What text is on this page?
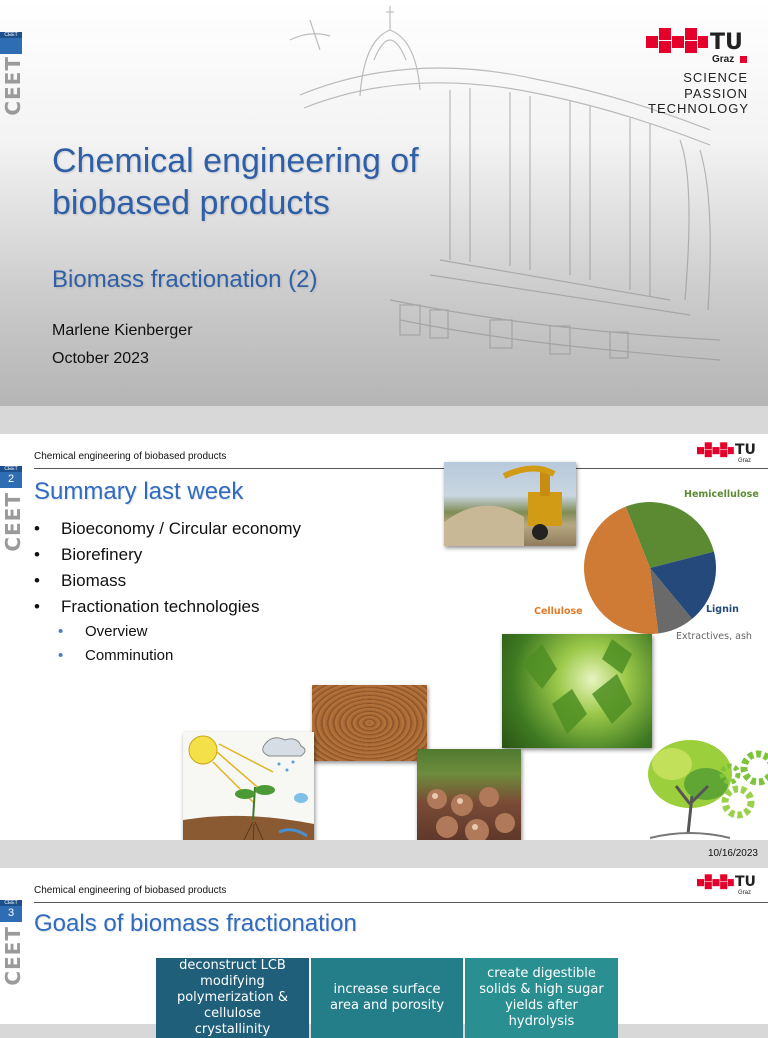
CEET
CEET
TU
Graz
SCIENCE
PASSION
TECHNOLOGY
Chemical engineering of biobased products
Biomass fractionation (2)
Marlene Kienberger
October 2023
Chemical engineering of biobased products	TU
Graz
CEET
2
CEET
Summary last week
• Bioeconomy / Circular economy
• Biorefinery
• Biomass
• Fractionation technologies
• Overview
• Comminution
Hemicellulose
Lignin
Extractives, ash
Cellulose
10/16/2023
Chemical engineering of biobased products
TU
Graz
CEET
3
CEET
Goals of biomass fractionation
deconstruct LCB modifying polymerization & cellulose crystallinity
increase surface area and porosity
create digestible solids & high sugar yields after hydrolysis
